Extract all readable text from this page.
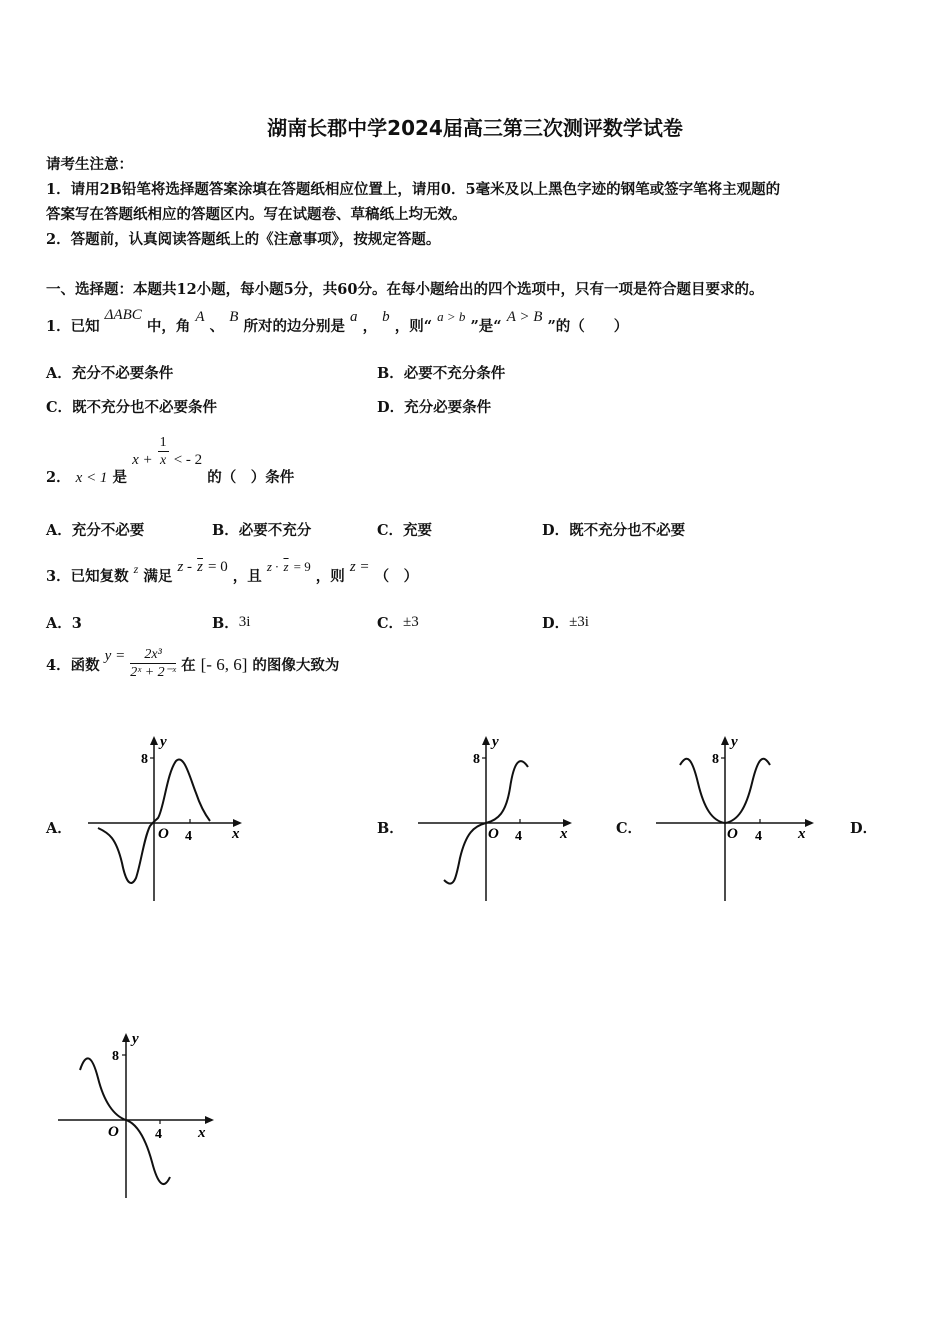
湖南长郡中学2024届高三第三次测评数学试卷
请考生注意：
1．请用2B铅笔将选择题答案涂填在答题纸相应位置上，请用0．5毫米及以上黑色字迹的钢笔或签字笔将主观题的
答案写在答题纸相应的答题区内。写在试题卷、草稿纸上均无效。
2．答题前，认真阅读答题纸上的《注意事项》，按规定答题。
一、选择题：本题共12小题，每小题5分，共60分。在每小题给出的四个选项中，只有一项是符合题目要求的。
1．已知 ΔABC 中，角 A 、 B 所对的边分别是 a ， b ，则“ a > b ”是“ A > B ”的（　　）
A．充分不必要条件	B．必要不充分条件
C．既不充分也不必要条件	D．充分必要条件
2． x < 1 是 $x + \frac{1}{x}$ < - 2 的（　）条件
A．充分不必要	B．必要不充分	C．充要	D．既不充分也不必要
3．已知复数 $^z$ 满足 $z - \overline{z} = 0$ ，且 $z \cdot \overline{z} = 9$ ，则 z = （　）
A．3	B．3i	C．±3	D．±3i
4．函数 $y = \frac{\text{2x³}}{\text{2ˣ + 2⁻ˣ}}$ 在 [- 6, 6] 的图像大致为
A．	B．	C．	D．
y
x
O
8
4
y
x
O
8
4
y
x
O
8
4
y
x
O
8
4
